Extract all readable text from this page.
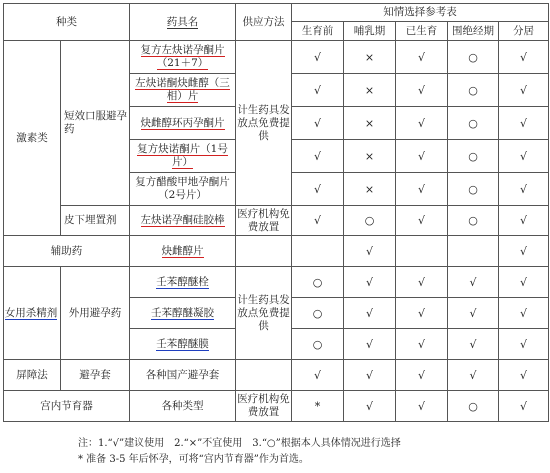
种类		药具名	供应方法	知情选择参考表				
				生育前	哺乳期	已生育	围绝经期	分居
激素类	短效口服避孕药	复方左炔诺孕酮片（21＋7）	计生药具发放点免费提供	√	×	√	○	√
		左炔诺酮炔雌醇（三相）片		√	×	√	○	√
		炔雌醇环丙孕酮片		√	×	√	○	√
		复方炔诺酮片（1号片）		√	×	√	○	√
		复方醋酸甲地孕酮片（2号片）		√	×	√	○	√
	皮下埋置剂	左炔诺孕酮硅胶棒	医疗机构免费放置	√	○	√	○	√
辅助药		炔雌醇片			√			√
女用杀精剂	外用避孕药	壬苯醇醚栓	计生药具发放点免费提供	○	√	√	√	√
		壬苯醇醚凝胶		○	√	√	√	√
		壬苯醇醚膜		○	√	√	√	√
屏障法	避孕套	各种国产避孕套		√	√	√	√	√
宫内节育器		各种类型	医疗机构免费放置	*	√	√	○	√
注：1.“√”建议使用　2.“×”不宜使用　3.“○”根据本人具体情况进行选择
* 准备 3-5 年后怀孕，可将“宫内节育器”作为首选。
